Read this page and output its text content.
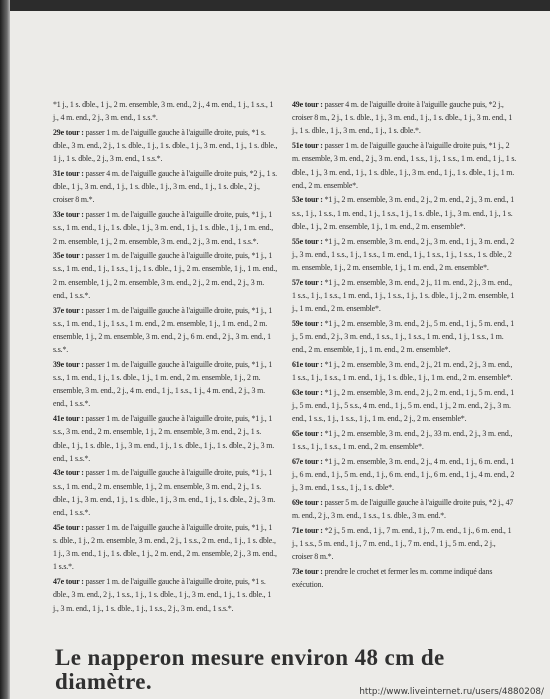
*1 j., 1 s. dble., 1 j., 2 m. ensemble, 3 m. end., 2 j., 4 m. end., 1 j., 1 s.s., 1 j., 4 m. end., 2 j., 3 m. end., 1 s.s.*.

29e tour : passer 1 m. de l'aiguille gauche à l'aiguille droite, puis, *1 s. dble., 3 m. end., 2 j., 1 s. dble., 1 j., 1 s. dble., 1 j., 3 m. end., 1 j., 1 s. dble., 1 j., 1 s. dble., 2 j., 3 m. end., 1 s.s.*.

31e tour : passer 4 m. de l'aiguille gauche à l'aiguille droite puis, *2 j., 1 s. dble., 1 j., 3 m. end., 1 j., 1 s. dble., 1 j., 3 m. end., 1 j., 1 s. dble., 2 j., croiser 8 m.*.

33e tour : passer 1 m. de l'aiguille gauche à l'aiguille droite, puis, *1 j., 1 s.s., 1 m. end., 1 j., 1 s. dble., 1 j., 3 m. end., 1 j., 1 s. dble., 1 j., 1 m. end., 2 m. ensemble, 1 j., 2 m. ensemble, 3 m. end., 2 j., 3 m. end., 1 s.s.*.

35e tour : passer 1 m. de l'aiguille gauche à l'aiguille droite, puis, *1 j., 1 s.s., 1 m. end., 1 j., 1 s.s., 1 j., 1 s. dble., 1 j., 2 m. ensemble, 1 j., 1 m. end., 2 m. ensemble, 1 j., 2 m. ensemble, 3 m. end., 2 j., 2 m. end., 2 j., 3 m. end., 1 s.s.*.

37e tour : passer 1 m. de l'aiguille gauche à l'aiguille droite, puis, *1 j., 1 s.s., 1 m. end., 1 j., 1 s.s., 1 m. end., 2 m. ensemble, 1 j., 1 m. end., 2 m. ensemble, 1 j., 2 m. ensemble, 3 m. end., 2 j., 6 m. end., 2 j., 3 m. end., 1 s.s.*.

39e tour : passer 1 m. de l'aiguille gauche à l'aiguille droite, puis, *1 j., 1 s.s., 1 m. end., 1 j., 1 s. dble., 1 j., 1 m. end., 2 m. ensemble, 1 j., 2 m. ensemble, 3 m. end., 2 j., 4 m. end., 1 j., 1 s.s., 1 j., 4 m. end., 2 j., 3 m. end., 1 s.s.*.

41e tour : passer 1 m. de l'aiguille gauche à l'aiguille droite, puis, *1 j., 1 s.s., 3 m. end., 2 m. ensemble, 1 j., 2 m. ensemble, 3 m. end., 2 j., 1 s. dble., 1 j., 1 s. dble., 1 j., 3 m. end., 1 j., 1 s. dble., 1 j., 1 s. dble., 2 j., 3 m. end., 1 s.s.*.

43e tour : passer 1 m. de l'aiguille gauche à l'aiguille droite, puis, *1 j., 1 s.s., 1 m. end., 2 m. ensemble, 1 j., 2 m. ensemble, 3 m. end., 2 j., 1 s. dble., 1 j., 3 m. end., 1 j., 1 s. dble., 1 j., 3 m. end., 1 j., 1 s. dble., 2 j., 3 m. end., 1 s.s.*.

45e tour : passer 1 m. de l'aiguille gauche à l'aiguille droite, puis, *1 j., 1 s. dble., 1 j., 2 m. ensemble, 3 m. end., 2 j., 1 s.s., 2 m. end., 1 j., 1 s. dble., 1 j., 3 m. end., 1 j., 1 s. dble., 1 j., 2 m. end., 2 m. ensemble, 2 j., 3 m. end., 1 s.s.*.

47e tour : passer 1 m. de l'aiguille gauche à l'aiguille droite, puis, *1 s. dble., 3 m. end., 2 j., 1 s.s., 1 j., 1 s. dble., 1 j., 3 m. end., 1 j., 1 s. dble., 1 j., 3 m. end., 1 j., 1 s. dble., 1 j., 1 s.s., 2 j., 3 m. end., 1 s.s.*.

49e tour : passer 4 m. de l'aiguille droite à l'aiguille gauche puis, *2 j., croiser 8 m., 2 j., 1 s. dble., 1 j., 3 m. end., 1 j., 1 s. dble., 1 j., 3 m. end., 1 j., 1 s. dble., 1 j., 3 m. end., 1 j., 1 s. dble.*.

51e tour : passer 1 m. de l'aiguille gauche à l'aiguille droite puis, *1 j., 2 m. ensemble, 3 m. end., 2 j., 3 m. end., 1 s.s., 1 j., 1 s.s., 1 m. end., 1 j., 1 s. dble., 1 j., 3 m. end., 1 j., 1 s. dble., 1 j., 3 m. end., 1 j., 1 s. dble., 1 j., 1 m. end., 2 m. ensemble*.

53e tour : *1 j., 2 m. ensemble, 3 m. end., 2 j., 2 m. end., 2 j., 3 m. end., 1 s.s., 1 j., 1 s.s., 1 m. end., 1 j., 1 s.s., 1 j., 1 s. dble., 1 j., 3 m. end., 1 j., 1 s. dble., 1 j., 2 m. ensemble, 1 j., 1 m. end., 2 m. ensemble*.

55e tour : *1 j., 2 m. ensemble, 3 m. end., 2 j., 3 m. end., 1 j., 3 m. end., 2 j., 3 m. end., 1 s.s., 1 j., 1 s.s., 1 m. end., 1 j., 1 s.s., 1 j., 1 s.s., 1 s. dble., 2 m. ensemble, 1 j., 2 m. ensemble, 1 j., 1 m. end., 2 m. ensemble*.

57e tour : *1 j., 2 m. ensemble, 3 m. end., 2 j., 11 m. end., 2 j., 3 m. end., 1 s.s., 1 j., 1 s.s., 1 m. end., 1 j., 1 s.s., 1 j., 1 s. dble., 1 j., 2 m. ensemble, 1 j., 1 m. end., 2 m. ensemble*.

59e tour : *1 j., 2 m. ensemble, 3 m. end., 2 j., 5 m. end., 1 j., 5 m. end., 1 j., 5 m. end., 2 j., 3 m. end., 1 s.s., 1 j., 1 s.s., 1 m. end., 1 j., 1 s.s., 1 m. end., 2 m. ensemble, 1 j., 1 m. end., 2 m. ensemble*.

61e tour : *1 j., 2 m. ensemble, 3 m. end., 2 j., 21 m. end., 2 j., 3 m. end., 1 s.s., 1 j., 1 s.s., 1 m. end., 1 j., 1 s. dble., 1 j., 1 m. end., 2 m. ensemble*.

63e tour : *1 j., 2 m. ensemble, 3 m. end., 2 j., 2 m. end., 1 j., 5 m. end., 1 j., 5 m. end., 1 j., 5 s.s., 4 m. end., 1 j., 5 m. end., 1 j., 2 m. end., 2 j., 3 m. end., 1 s.s., 1 j., 1 s.s., 1 j., 1 m. end., 2 j., 2 m. ensemble*.

65e tour : *1 j., 2 m. ensemble, 3 m. end., 2 j., 33 m. end., 2 j., 3 m. end., 1 s.s., 1 j., 1 s.s., 1 m. end., 2 m. ensemble*.

67e tour : *1 j., 2 m. ensemble, 3 m. end., 2 j., 4 m. end., 1 j., 6 m. end., 1 j., 6 m. end., 1 j., 5 m. end., 1 j., 6 m. end., 1 j., 6 m. end., 1 j., 4 m. end., 2 j., 3 m. end., 1 s.s., 1 j., 1 s. dble*.

69e tour : passer 5 m. de l'aiguille gauche à l'aiguille droite puis, *2 j., 47 m. end., 2 j., 3 m. end., 1 s.s., 1 s. dble., 3 m. end.*.

71e tour : *2 j., 5 m. end., 1 j., 7 m. end., 1 j., 7 m. end., 1 j., 6 m. end., 1 j., 1 s.s., 5 m. end., 1 j., 7 m. end., 1 j., 7 m. end., 1 j., 5 m. end., 2 j., croiser 8 m.*.

73e tour : prendre le crochet et fermer les m. comme indiqué dans exécution.

Le napperon mesure environ 48 cm de diamètre.	http://www.liveinternet.ru/users/4880208/
